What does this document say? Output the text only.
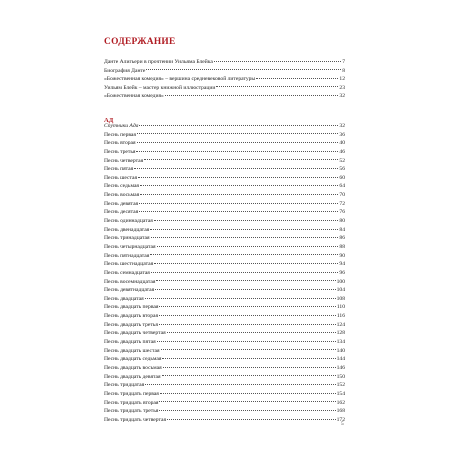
СОДЕРЖАНИЕ
Данте Алигьери в прочтении Уильяма Блейка	7
Биография Данте	8
«Божественная комедия» – вершина средневековой литературы	12
Уильям Блейк – мастер книжной иллюстрации	23
«Божественная комедия»	32
АД
Спутники Ада	32
Песнь первая	36
Песнь вторая	40
Песнь третья	46
Песнь четвертая	52
Песнь пятая	56
Песнь шестая	60
Песнь седьмая	64
Песнь восьмая	70
Песнь девятая	72
Песнь десятая	76
Песнь одиннадцатая	80
Песнь двенадцатая	84
Песнь тринадцатая	86
Песнь четырнадцатая	88
Песнь пятнадцатая	90
Песнь шестнадцатая	94
Песнь семнадцатая	96
Песнь восемнадцатая	100
Песнь девятнадцатая	104
Песнь двадцатая	108
Песнь двадцать первая	110
Песнь двадцать вторая	116
Песнь двадцать третья	124
Песнь двадцать четвертая	128
Песнь двадцать пятая	134
Песнь двадцать шестая	140
Песнь двадцать седьмая	144
Песнь двадцать восьмая	146
Песнь двадцать девятая	150
Песнь тридцатая	152
Песнь тридцать первая	154
Песнь тридцать вторая	162
Песнь тридцать третья	168
Песнь тридцать четвертая	172
5
